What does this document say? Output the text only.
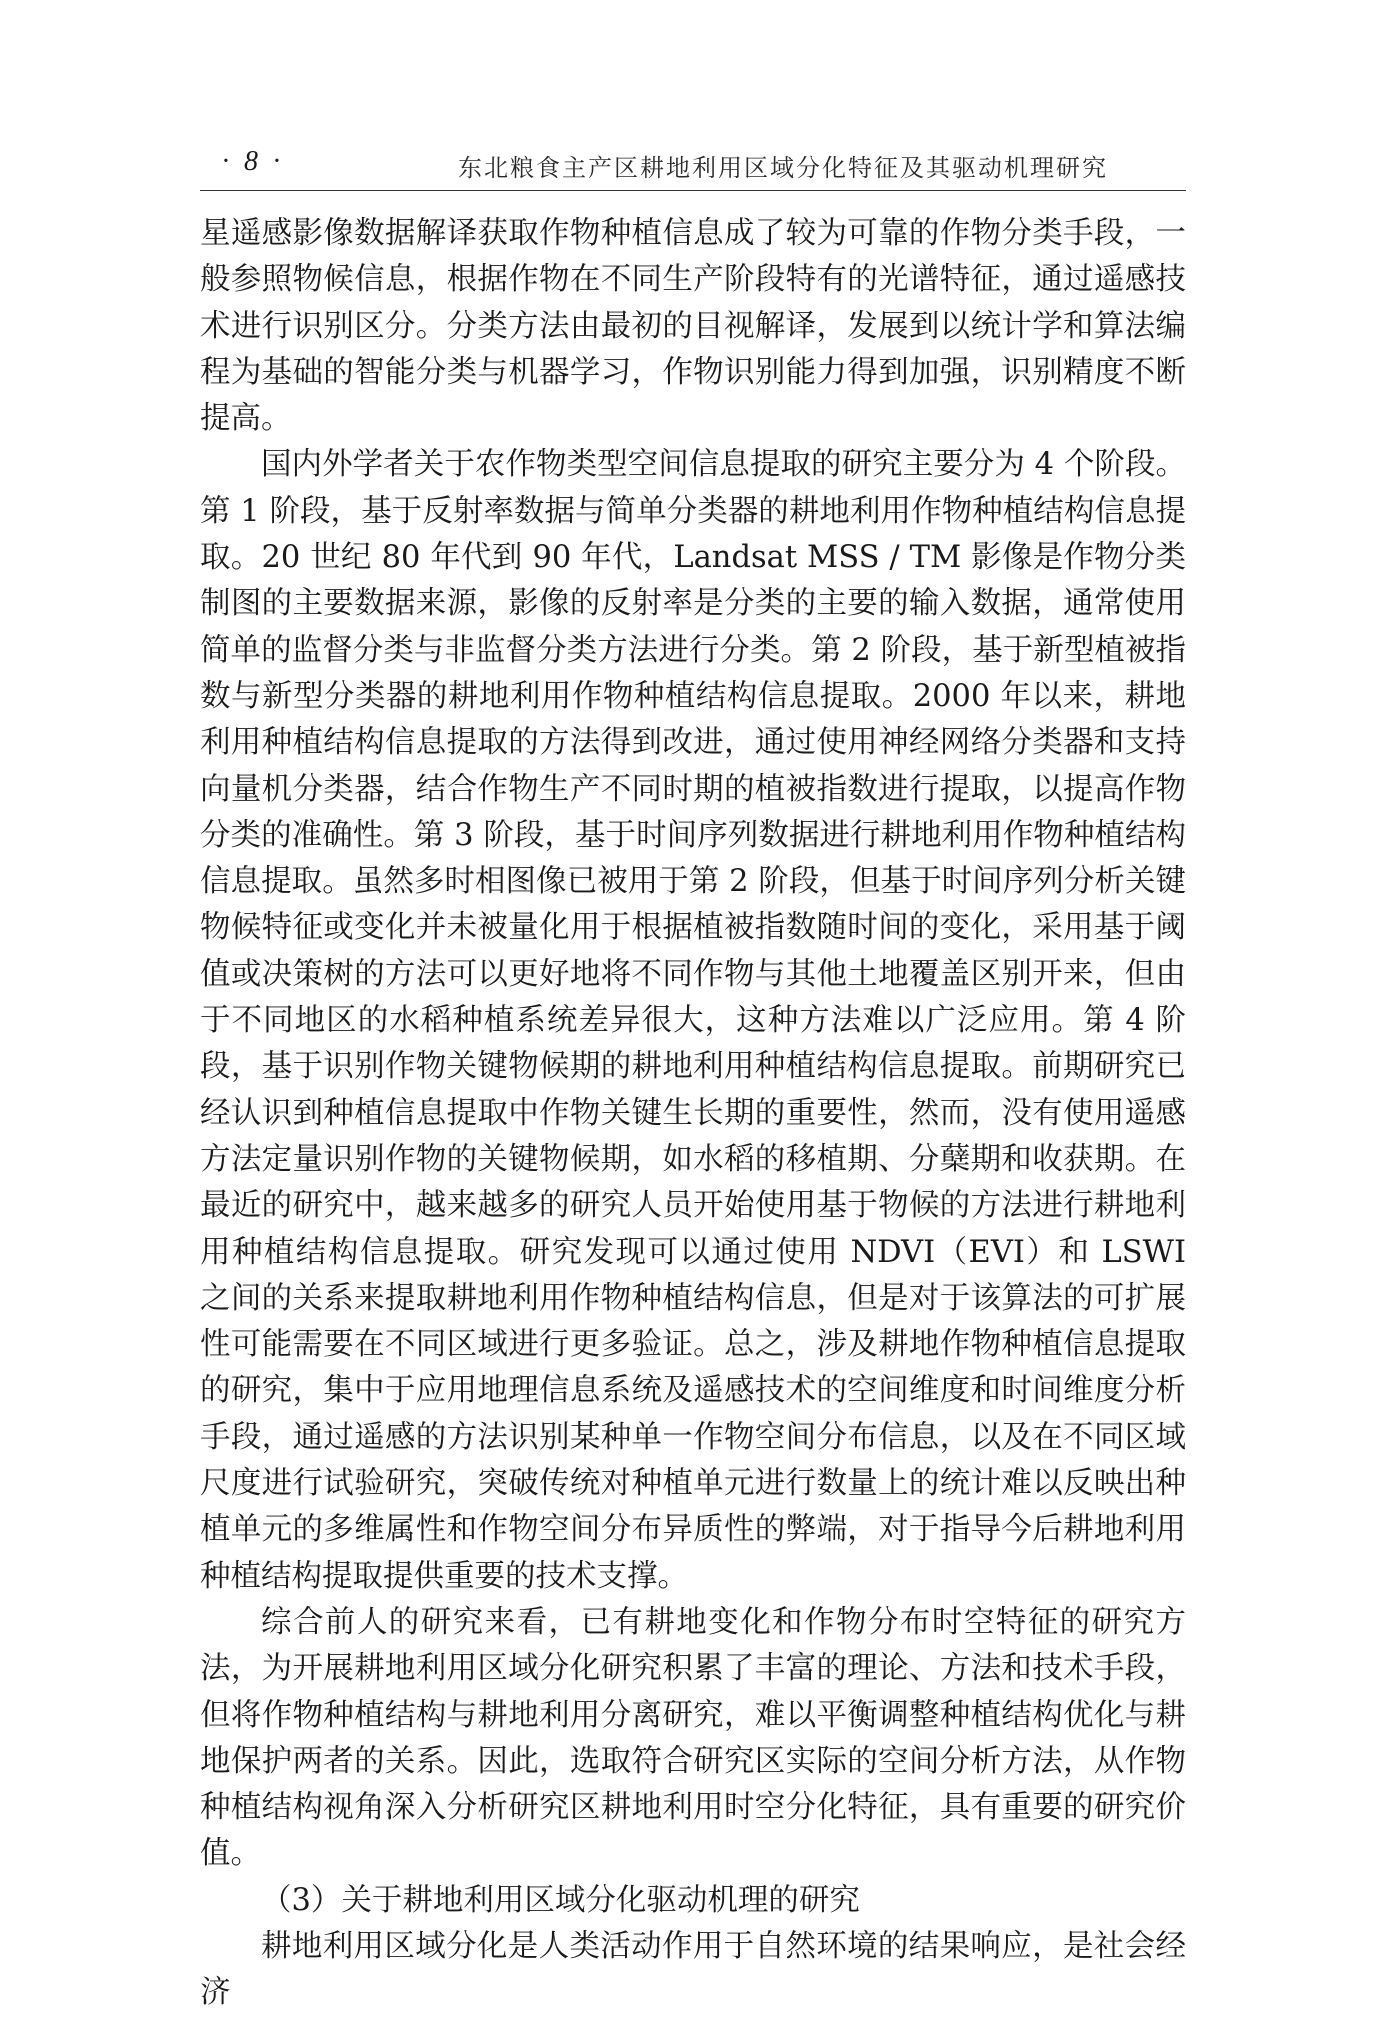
· 8 ·	东北粮食主产区耕地利用区域分化特征及其驱动机理研究

星遥感影像数据解译获取作物种植信息成了较为可靠的作物分类手段，一般参照物候信息，根据作物在不同生产阶段特有的光谱特征，通过遥感技术进行识别区分。分类方法由最初的目视解译，发展到以统计学和算法编程为基础的智能分类与机器学习，作物识别能力得到加强，识别精度不断提高。

国内外学者关于农作物类型空间信息提取的研究主要分为 4 个阶段。第 1 阶段，基于反射率数据与简单分类器的耕地利用作物种植结构信息提取。20 世纪 80 年代到 90 年代，Landsat MSS / TM 影像是作物分类制图的主要数据来源，影像的反射率是分类的主要的输入数据，通常使用简单的监督分类与非监督分类方法进行分类。第 2 阶段，基于新型植被指数与新型分类器的耕地利用作物种植结构信息提取。2000 年以来，耕地利用种植结构信息提取的方法得到改进，通过使用神经网络分类器和支持向量机分类器，结合作物生产不同时期的植被指数进行提取，以提高作物分类的准确性。第 3 阶段，基于时间序列数据进行耕地利用作物种植结构信息提取。虽然多时相图像已被用于第 2 阶段，但基于时间序列分析关键物候特征或变化并未被量化用于根据植被指数随时间的变化，采用基于阈值或决策树的方法可以更好地将不同作物与其他土地覆盖区别开来，但由于不同地区的水稻种植系统差异很大，这种方法难以广泛应用。第 4 阶段，基于识别作物关键物候期的耕地利用种植结构信息提取。前期研究已经认识到种植信息提取中作物关键生长期的重要性，然而，没有使用遥感方法定量识别作物的关键物候期，如水稻的移植期、分蘖期和收获期。在最近的研究中，越来越多的研究人员开始使用基于物候的方法进行耕地利用种植结构信息提取。研究发现可以通过使用 NDVI（EVI）和 LSWI 之间的关系来提取耕地利用作物种植结构信息，但是对于该算法的可扩展性可能需要在不同区域进行更多验证。总之，涉及耕地作物种植信息提取的研究，集中于应用地理信息系统及遥感技术的空间维度和时间维度分析手段，通过遥感的方法识别某种单一作物空间分布信息，以及在不同区域尺度进行试验研究，突破传统对种植单元进行数量上的统计难以反映出种植单元的多维属性和作物空间分布异质性的弊端，对于指导今后耕地利用种植结构提取提供重要的技术支撑。

综合前人的研究来看，已有耕地变化和作物分布时空特征的研究方法，为开展耕地利用区域分化研究积累了丰富的理论、方法和技术手段，但将作物种植结构与耕地利用分离研究，难以平衡调整种植结构优化与耕地保护两者的关系。因此，选取符合研究区实际的空间分析方法，从作物种植结构视角深入分析研究区耕地利用时空分化特征，具有重要的研究价值。

（3）关于耕地利用区域分化驱动机理的研究

耕地利用区域分化是人类活动作用于自然环境的结果响应，是社会经济
